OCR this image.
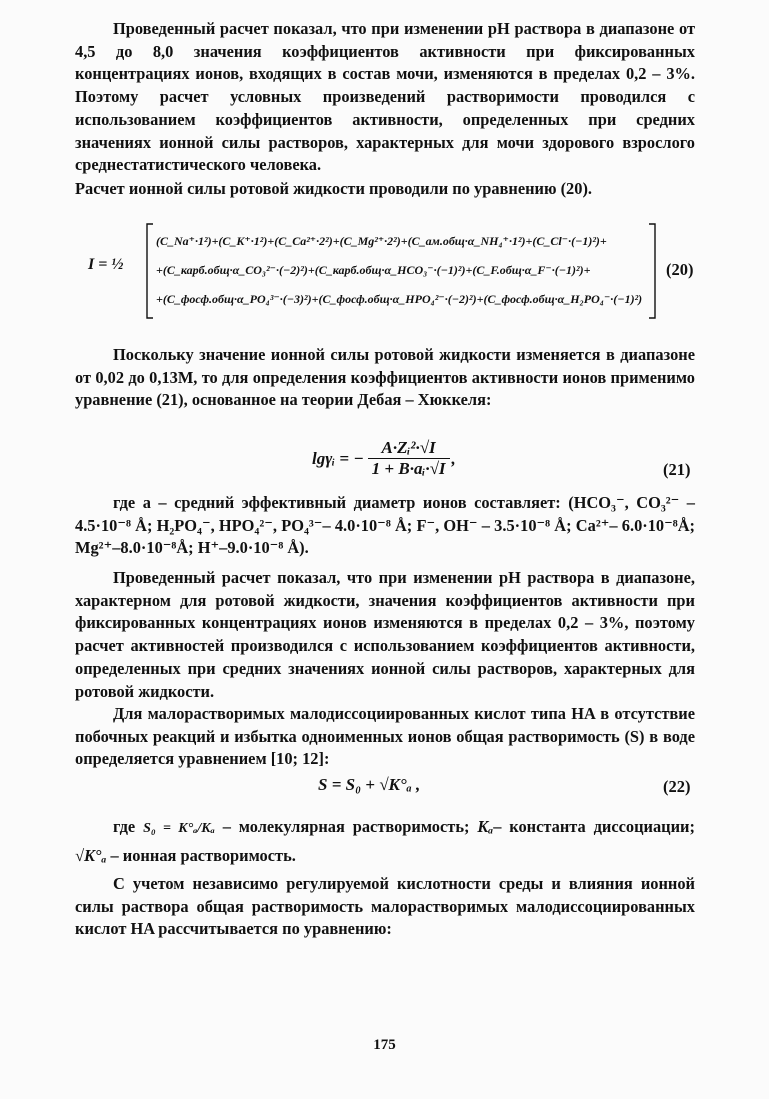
Проведенный расчет показал, что при изменении pH раствора в диапазоне от 4,5 до 8,0 значения коэффициентов активности при фиксированных концентрациях ионов, входящих в состав мочи, изменяются в пределах 0,2 – 3%. Поэтому расчет условных произведений растворимости проводился с использованием коэффициентов активности, определенных при средних значениях ионной силы растворов, характерных для мочи здорового взрослого среднестатистического человека.
Расчет ионной силы ротовой жидкости проводили по уравнению (20).
I = ½
(C_Na⁺·1²)+(C_K⁺·1²)+(C_Ca²⁺·2²)+(C_Mg²⁺·2²)+(C_ам.общ·α_NH₄⁺·1²)+(C_Cl⁻·(−1)²)+
+(C_карб.общ·α_CO₃²⁻·(−2)²)+(C_карб.общ·α_HCO₃⁻·(−1)²)+(C_F.общ·α_F⁻·(−1)²)+
+(C_фосф.общ·α_PO₄³⁻·(−3)²)+(C_фосф.общ·α_HPO₄²⁻·(−2)²)+(C_фосф.общ·α_H₂PO₄⁻·(−1)²)
(20)
Поскольку значение ионной силы ротовой жидкости изменяется в диапазоне от 0,02 до 0,13М, то для определения коэффициентов активности ионов применимо уравнение (21), основанное на теории Дебая – Хюккеля:
lgγᵢ = − $\frac{\text{A·Zᵢ²·√I}}{\text{1 + B·aᵢ·√I}}$ ,
(21)
где a – средний эффективный диаметр ионов составляет: (HCO₃⁻, CO₃²⁻ – 4.5·10⁻⁸ Å; H₂PO₄⁻, HPO₄²⁻, PO₄³⁻– 4.0·10⁻⁸ Å; F⁻, OH⁻ – 3.5·10⁻⁸ Å; Ca²⁺– 6.0·10⁻⁸Å; Mg²⁺–8.0·10⁻⁸Å; H⁺–9.0·10⁻⁸ Å).
Проведенный расчет показал, что при изменении pH раствора в диапазоне, характерном для ротовой жидкости, значения коэффициентов активности при фиксированных концентрациях ионов изменяются в пределах 0,2 – 3%, поэтому расчет активностей производился с использованием коэффициентов активности, определенных при средних значениях ионной силы растворов, характерных для ротовой жидкости.
Для малорастворимых малодиссоциированных кислот типа HA в отсутствие побочных реакций и избытка одноименных ионов общая растворимость (S) в воде определяется уравнением [10; 12]:
S = S₀ + √K°ₐ ,	(22)
где S₀ = K°ₐ/Kₐ – молекулярная растворимость; Kₐ– константа диссоциации; √K°ₐ – ионная растворимость.
С учетом независимо регулируемой кислотности среды и влияния ионной силы раствора общая растворимость малорастворимых малодиссоциированных кислот HA рассчитывается по уравнению:
175
